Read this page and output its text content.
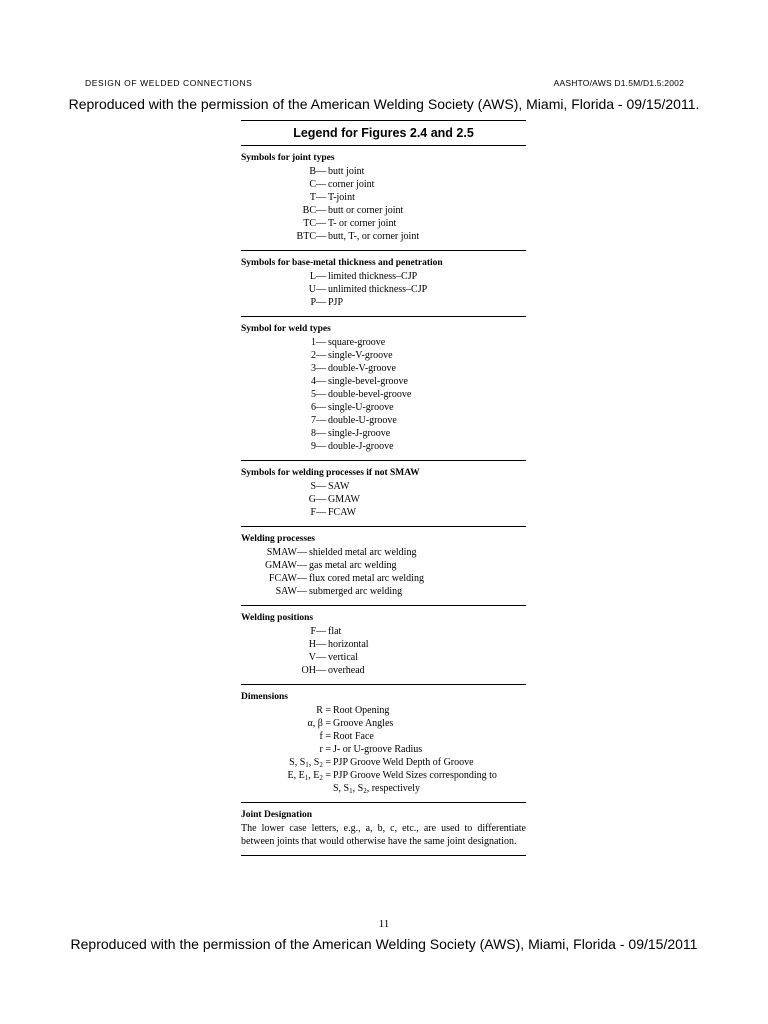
DESIGN OF WELDED CONNECTIONS	AASHTO/AWS D1.5M/D1.5:2002
Reproduced with the permission of the American Welding Society (AWS), Miami, Florida - 09/15/2011.
Legend for Figures 2.4 and 2.5
Symbols for joint types
B — butt joint
C — corner joint
T — T-joint
BC — butt or corner joint
TC — T- or corner joint
BTC — butt, T-, or corner joint
Symbols for base-metal thickness and penetration
L — limited thickness–CJP
U — unlimited thickness–CJP
P — PJP
Symbol for weld types
1 — square-groove
2 — single-V-groove
3 — double-V-groove
4 — single-bevel-groove
5 — double-bevel-groove
6 — single-U-groove
7 — double-U-groove
8 — single-J-groove
9 — double-J-groove
Symbols for welding processes if not SMAW
S — SAW
G — GMAW
F — FCAW
Welding processes
SMAW — shielded metal arc welding
GMAW — gas metal arc welding
FCAW — flux cored metal arc welding
SAW — submerged arc welding
Welding positions
F — flat
H — horizontal
V — vertical
OH — overhead
Dimensions
R = Root Opening
α, β = Groove Angles
f = Root Face
r = J- or U-groove Radius
S, $S_1$, $S_2$ = PJP Groove Weld Depth of Groove
E, $E_1$, $E_2$ = PJP Groove Weld Sizes corresponding to
S, $S_1$, $S_2$, respectively
Joint Designation
The lower case letters, e.g., a, b, c, etc., are used to differentiate between joints that would otherwise have the same joint designation.
11
Reproduced with the permission of the American Welding Society (AWS), Miami, Florida - 09/15/2011
